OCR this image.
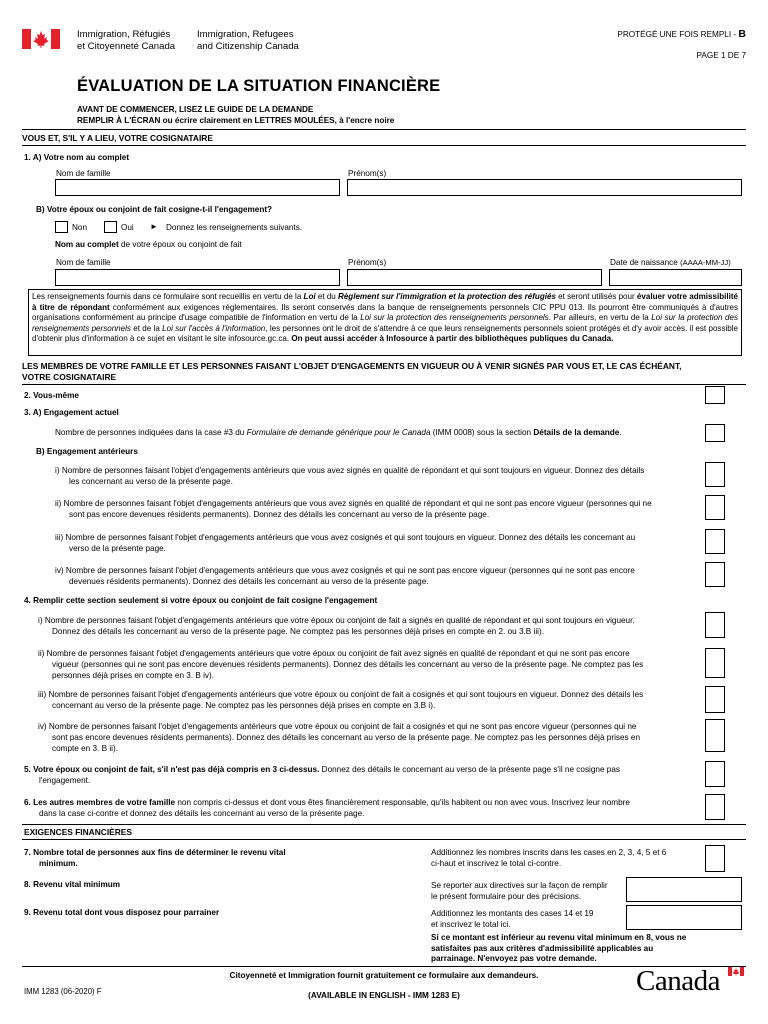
Immigration, Réfugiés
et Citoyenneté Canada
Immigration, Refugees
and Citizenship Canada
PROTÉGÉ UNE FOIS REMPLI - B
PAGE 1 DE 7
ÉVALUATION DE LA SITUATION FINANCIÈRE
AVANT DE COMMENCER, LISEZ LE GUIDE DE LA DEMANDE
REMPLIR À L'ÉCRAN ou écrire clairement en LETTRES MOULÉES, à l'encre noire
VOUS ET, S'IL Y A LIEU, VOTRE COSIGNATAIRE
1. A) Votre nom au complet
Nom de famille	Prénom(s)
B) Votre époux ou conjoint de fait cosigne-t-il l'engagement?
Non	Oui ► Donnez les renseignements suivants.
Nom au complet de votre époux ou conjoint de fait
Nom de famille	Prénom(s)	Date de naissance (AAAA-MM-JJ)
Les renseignements fournis dans ce formulaire sont recueillis en vertu de la Loi et du Règlement sur l'immigration et la protection des réfugiés et seront utilisés pour évaluer votre admissibilité à titre de répondant conformément aux exigences réglementaires. Ils seront conservés dans la banque de renseignements personnels CIC PPU 013. Ils pourront être communiqués à d'autres organisations conformément au principe d'usage compatible de l'information en vertu de la Loi sur la protection des renseignements personnels. Par ailleurs, en vertu de la Loi sur la protection des renseignements personnels et de la Loi sur l'accès à l'information, les personnes ont le droit de s'attendre à ce que leurs renseignements personnels soient protégés et d'y avoir accès. il est possible d'obtenir plus d'information à ce sujet en visitant le site infosource.gc.ca. On peut aussi accéder à Infosource à partir des bibliothèques publiques du Canada.
LES MEMBRES DE VOTRE FAMILLE ET LES PERSONNES FAISANT L'OBJET D'ENGAGEMENTS EN VIGUEUR OU À VENIR SIGNÉS PAR VOUS ET, LE CAS ÉCHÉANT,
VOTRE COSIGNATAIRE
2. Vous-même
3. A) Engagement actuel
Nombre de personnes indiquées dans la case #3 du Formulaire de demande générique pour le Canada (IMM 0008) sous la section Détails de la demande.
B) Engagement antérieurs
i) Nombre de personnes faisant l'objet d'engagements antérieurs que vous avez signés en qualité de répondant et qui sont toujours en vigueur. Donnez des détails
les concernant au verso de la présente page.
ii) Nombre de personnes faisant l'objet d'engagements antérieurs que vous avez signés en qualité de répondant et qui ne sont pas encore vigueur (personnes qui ne
sont pas encore devenues résidents permanents). Donnez des détails les concernant au verso de la présente page.
iii) Nombre de personnes faisant l'objet d'engagements antérieurs que vous avez cosignés et qui sont toujours en vigueur. Donnez des détails les concernant au
verso de la présente page.
iv) Nombre de personnes faisant l'objet d'engagements antérieurs que vous avez cosignés et qui ne sont pas encore vigueur (personnes qui ne sont pas encore
devenues résidents permanents). Donnez des détails les concernant au verso de la présente page.
4. Remplir cette section seulement si votre époux ou conjoint de fait cosigne l'engagement
i) Nombre de personnes faisant l'objet d'engagements antérieurs que votre époux ou conjoint de fait a signés en qualité de répondant et qui sont toujours en vigueur.
Donnez des détails les concernant au verso de la présente page. Ne comptez pas les personnes déjà prises en compte en 2. ou 3.B iii).
ii) Nombre de personnes faisant l'objet d'engagements antérieurs que votre époux ou conjoint de fait avez signés en qualité de répondant et qui ne sont pas encore
vigueur (personnes qui ne sont pas encore devenues résidents permanents). Donnez des détails les concernant au verso de la présente page. Ne comptez pas les
personnes déjà prises en compte en 3. B iv).
iii) Nombre de personnes faisant l'objet d'engagements antérieurs que votre époux ou conjoint de fait a cosignés et qui sont toujours en vigueur. Donnez des détails les
concernant au verso de la présente page. Ne comptez pas les personnes déjà prises en compte en 3.B i).
iv) Nombre de personnes faisant l'objet d'engagements antérieurs que votre époux ou conjoint de fait a cosignés et qui ne sont pas encore vigueur (personnes qui ne
sont pas encore devenues résidents permanents). Donnez des détails les concernant au verso de la présente page. Ne comptez pas les personnes déjà prises en
compte en 3. B ii).
5. Votre époux ou conjoint de fait, s'il n'est pas déjà compris en 3 ci-dessus. Donnez des détails le concernant au verso de la présente page s'il ne cosigne pas
l'engagement.
6. Les autres membres de votre famille non compris ci-dessus et dont vous êtes financièrement responsable, qu'ils habitent ou non avec vous. Inscrivez leur nombre
dans la case ci-contre et donnez des détails les concernant au verso de la présente page.
EXIGENCES FINANCIÈRES
7. Nombre total de personnes aux fins de déterminer le revenu vital
minimum.
Additionnez les nombres inscrits dans les cases en 2, 3, 4, 5 et 6
ci-haut et inscrivez le total ci-contre.
8. Revenu vital minimum	Se reporter aux directives sur la façon de remplir
le présent formulaire pour des précisions.
9. Revenu total dont vous disposez pour parrainer	Additionnez les montants des cases 14 et 19
et inscrivez le total ici.
Si ce montant est inférieur au revenu vital minimum en 8, vous ne
satisfaites pas aux critères d'admissibilité applicables au
parrainage. N'envoyez pas votre demande.
Citoyenneté et Immigration fournit gratuitement ce formulaire aux demandeurs.
IMM 1283 (06-2020) F	(AVAILABLE IN ENGLISH - IMM 1283 E)	Canada
